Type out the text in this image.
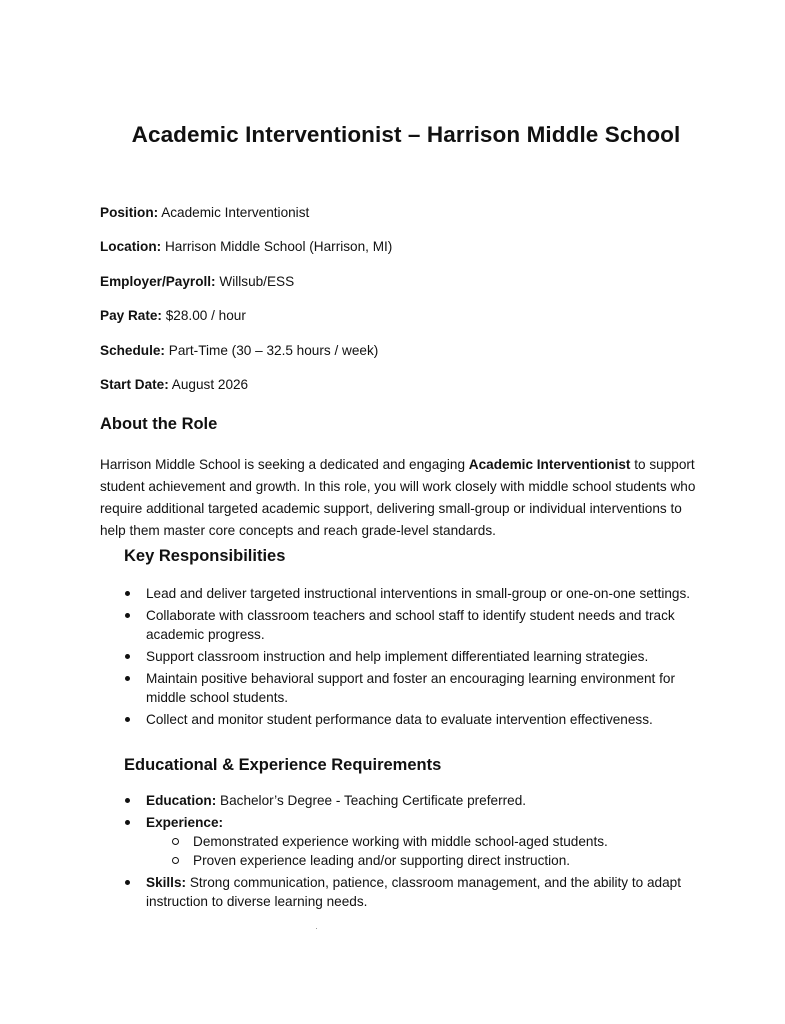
Academic Interventionist – Harrison Middle School
Position: Academic Interventionist
Location: Harrison Middle School (Harrison, MI)
Employer/Payroll: Willsub/ESS
Pay Rate: $28.00 / hour
Schedule: Part-Time (30 – 32.5 hours / week)
Start Date: August 2026
About the Role
Harrison Middle School is seeking a dedicated and engaging Academic Interventionist to support student achievement and growth. In this role, you will work closely with middle school students who require additional targeted academic support, delivering small-group or individual interventions to help them master core concepts and reach grade-level standards.
Key Responsibilities
Lead and deliver targeted instructional interventions in small-group or one-on-one settings.
Collaborate with classroom teachers and school staff to identify student needs and track academic progress.
Support classroom instruction and help implement differentiated learning strategies.
Maintain positive behavioral support and foster an encouraging learning environment for middle school students.
Collect and monitor student performance data to evaluate intervention effectiveness.
Educational & Experience Requirements
Education: Bachelor’s Degree - Teaching Certificate preferred.
Experience:
Demonstrated experience working with middle school-aged students.
Proven experience leading and/or supporting direct instruction.
Skills: Strong communication, patience, classroom management, and the ability to adapt instruction to diverse learning needs.
